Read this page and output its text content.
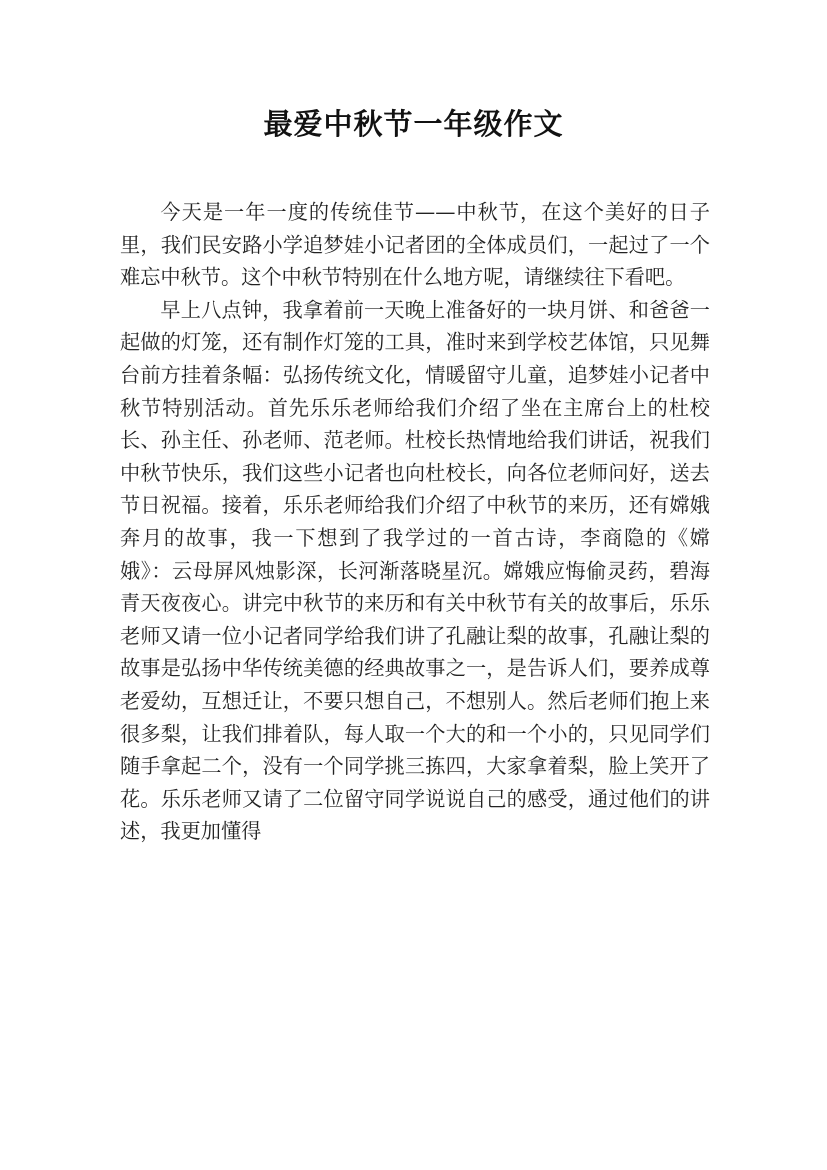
最爱中秋节一年级作文

今天是一年一度的传统佳节——中秋节，在这个美好的日子里，我们民安路小学追梦娃小记者团的全体成员们，一起过了一个难忘中秋节。这个中秋节特别在什么地方呢，请继续往下看吧。

早上八点钟，我拿着前一天晚上准备好的一块月饼、和爸爸一起做的灯笼，还有制作灯笼的工具，准时来到学校艺体馆，只见舞台前方挂着条幅：弘扬传统文化，情暖留守儿童，追梦娃小记者中秋节特别活动。首先乐乐老师给我们介绍了坐在主席台上的杜校长、孙主任、孙老师、范老师。杜校长热情地给我们讲话，祝我们中秋节快乐，我们这些小记者也向杜校长，向各位老师问好，送去节日祝福。接着，乐乐老师给我们介绍了中秋节的来历，还有嫦娥奔月的故事，我一下想到了我学过的一首古诗，李商隐的《嫦娥》：云母屏风烛影深，长河渐落晓星沉。嫦娥应悔偷灵药，碧海青天夜夜心。讲完中秋节的来历和有关中秋节有关的故事后，乐乐老师又请一位小记者同学给我们讲了孔融让梨的故事，孔融让梨的故事是弘扬中华传统美德的经典故事之一，是告诉人们，要养成尊老爱幼，互想迁让，不要只想自己，不想别人。然后老师们抱上来很多梨，让我们排着队，每人取一个大的和一个小的，只见同学们随手拿起二个，没有一个同学挑三拣四，大家拿着梨，脸上笑开了花。乐乐老师又请了二位留守同学说说自己的感受，通过他们的讲述，我更加懂得
